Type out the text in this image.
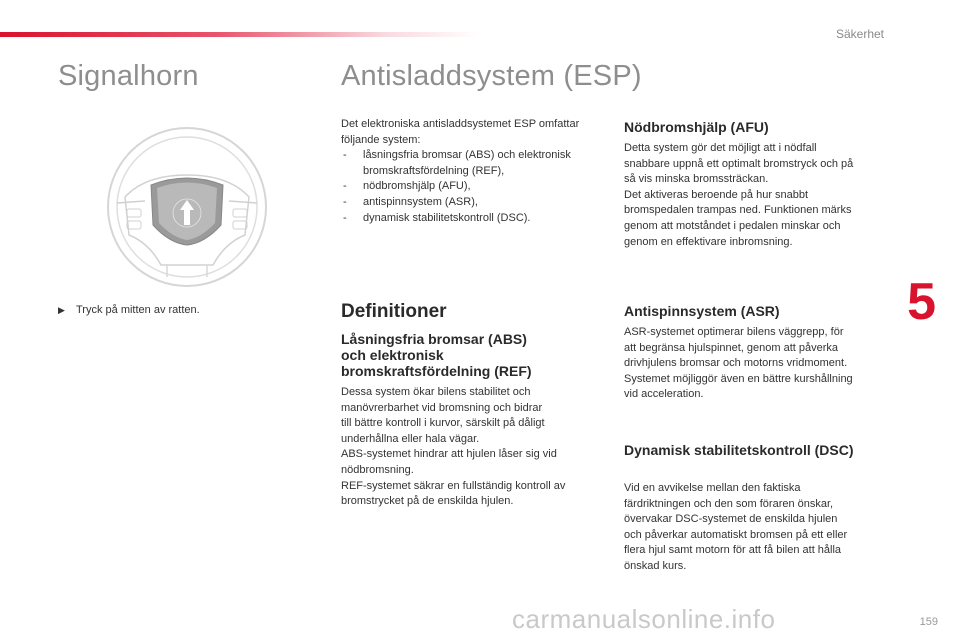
Säkerhet
Signalhorn
▶ Tryck på mitten av ratten.
Antisladdsystem (ESP)

Det elektroniska antisladdsystemet ESP omfattar följande system:

- låsningsfria bromsar (ABS) och elektronisk bromskraftsfördelning (REF),
- nödbromshjälp (AFU),
- antispinnsystem (ASR),
- dynamisk stabilitetskontroll (DSC).
Definitioner
Låsningsfria bromsar (ABS) och elektronisk bromskraftsfördelning (REF)
Dessa system ökar bilens stabilitet och
manövrerbarhet vid bromsning och bidrar
till bättre kontroll i kurvor, särskilt på dåligt
underhållna eller hala vägar.
ABS-systemet hindrar att hjulen låser sig vid
nödbromsning.
REF-systemet säkrar en fullständig kontroll av
bromstrycket på de enskilda hjulen.
Nödbromshjälp (AFU)
Detta system gör det möjligt att i nödfall
snabbare uppnå ett optimalt bromstryck och på
så vis minska bromssträckan.
Det aktiveras beroende på hur snabbt
bromspedalen trampas ned. Funktionen märks
genom att motståndet i pedalen minskar och
genom en effektivare inbromsning.
Antispinnsystem (ASR)
ASR-systemet optimerar bilens väggrepp, för
att begränsa hjulspinnet, genom att påverka
drivhjulens bromsar och motorns vridmoment.
Systemet möjliggör även en bättre kurshållning
vid acceleration.
Dynamisk stabilitetskontroll (DSC)
Vid en avvikelse mellan den faktiska
färdriktningen och den som föraren önskar,
övervakar DSC-systemet de enskilda hjulen
och påverkar automatiskt bromsen på ett eller
flera hjul samt motorn för att få bilen att hålla
önskad kurs.
5
carmanualsonline.info	159
